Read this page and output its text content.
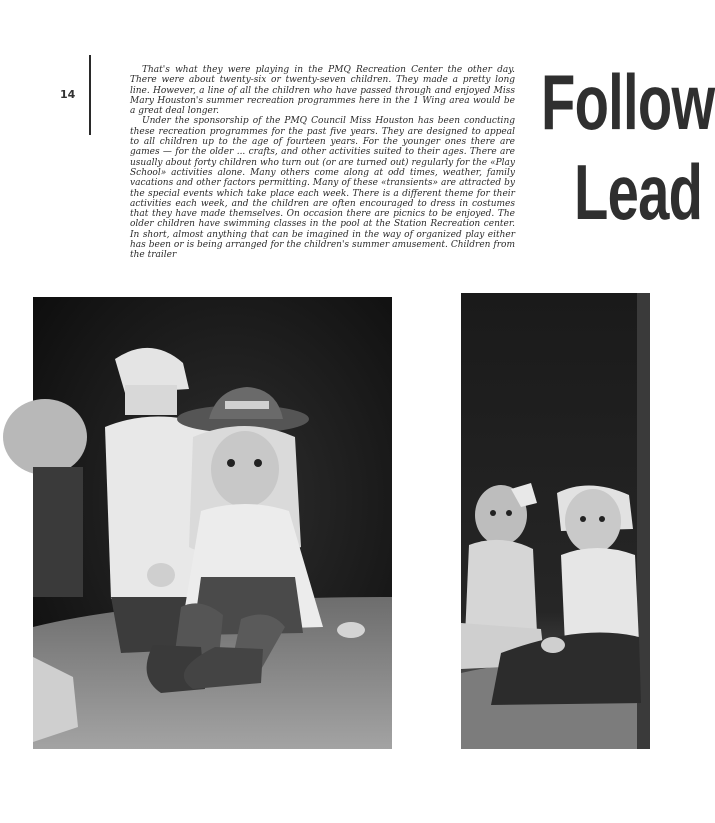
14

That's what they were playing in the PMQ Recreation Center the other day. There were about twenty-six or twenty-seven children. They made a pretty long line. However, a line of all the children who have passed through and enjoyed Miss Mary Houston's summer recreation programmes here in the 1 Wing area would be a great deal longer.

Under the sponsorship of the PMQ Council Miss Houston has been conducting these recreation programmes for the past five years. They are designed to appeal to all children up to the age of fourteen years. For the younger ones there are games — for the older ... crafts, and other activities suited to their ages. There are usually about forty children who turn out (or are turned out) regularly for the «Play School» activities alone. Many others come along at odd times, weather, family vacations and other factors permitting. Many of these «transients» are attracted by the special events which take place each week. There is a different theme for their activities each week, and the children are often encouraged to dress in costumes that they have made themselves. On occasion there are picnics to be enjoyed. The older children have swimming classes in the pool at the Station Recreation center. In short, almost anything that can be imagined in the way of organized play either has been or is being arranged for the children's summer amusement. Children from the trailer

Follow
Lead
